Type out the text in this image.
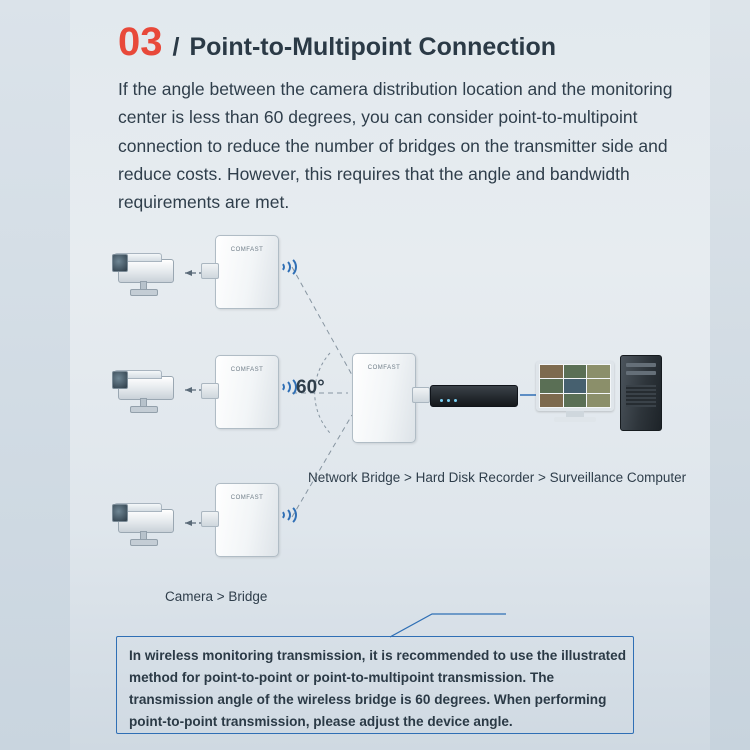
03 / Point-to-Multipoint Connection
If the angle between the camera distribution location and the monitoring center is less than 60 degrees, you can consider point-to-multipoint connection to reduce the number of bridges on the transmitter side and reduce costs. However, this requires that the angle and bandwidth requirements are met.
COMFAST
COMFAST
COMFAST
COMFAST
60°
Network Bridge > Hard Disk Recorder > Surveillance Computer
Camera > Bridge
In wireless monitoring transmission, it is recommended to use the illustrated method for point-to-point or point-to-multipoint transmission. The transmission angle of the wireless bridge is 60 degrees. When performing point-to-point transmission, please adjust the device angle.
